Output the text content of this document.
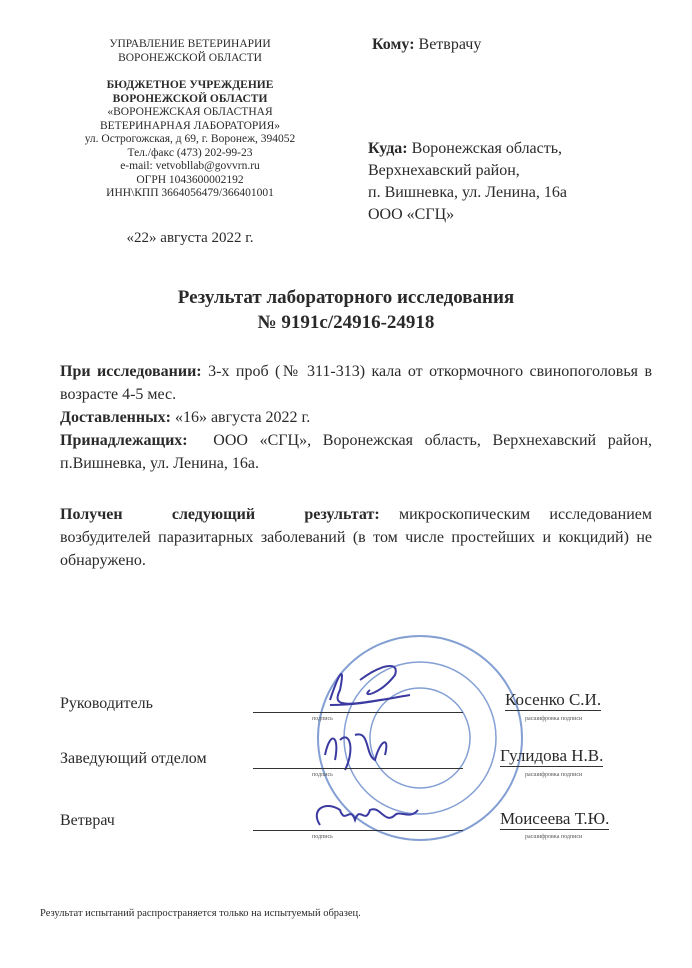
УПРАВЛЕНИЕ ВЕТЕРИНАРИИ
ВОРОНЕЖСКОЙ ОБЛАСТИ
БЮДЖЕТНОЕ УЧРЕЖДЕНИЕ
ВОРОНЕЖСКОЙ ОБЛАСТИ
«ВОРОНЕЖСКАЯ ОБЛАСТНАЯ
ВЕТЕРИНАРНАЯ ЛАБОРАТОРИЯ»
ул. Острогожская, д 69, г. Воронеж, 394052
Тел./факс (473) 202-99-23
e-mail: vetvobllab@govvrn.ru
ОГРН 1043600002192
ИНН\КПП 3664056479/366401001
«22» августа 2022 г.
Кому: Ветврачу
Куда: Воронежская область,
Верхнехавский район,
п. Вишневка, ул. Ленина, 16а
ООО «СГЦ»
Результат лабораторного исследования
№ 9191с/24916-24918
При исследовании: 3-х проб (№ 311-313) кала от откормочного свинопоголовья в возрасте 4-5 мес.
Доставленных: «16» августа 2022 г.
Принадлежащих: ООО «СГЦ», Воронежская область, Верхнехавский район, п.Вишневка, ул. Ленина, 16а.
Получен следующий результат: микроскопическим исследованием возбудителей паразитарных заболеваний (в том числе простейших и кокцидий) не обнаружено.
Руководитель
подпись
Косенко С.И.
расшифровка подписи
Заведующий отделом
подпись
Гулидова Н.В.
расшифровка подписи
Ветврач
подпись
Моисеева Т.Ю.
расшифровка подписи
Результат испытаний распространяется только на испытуемый образец.
